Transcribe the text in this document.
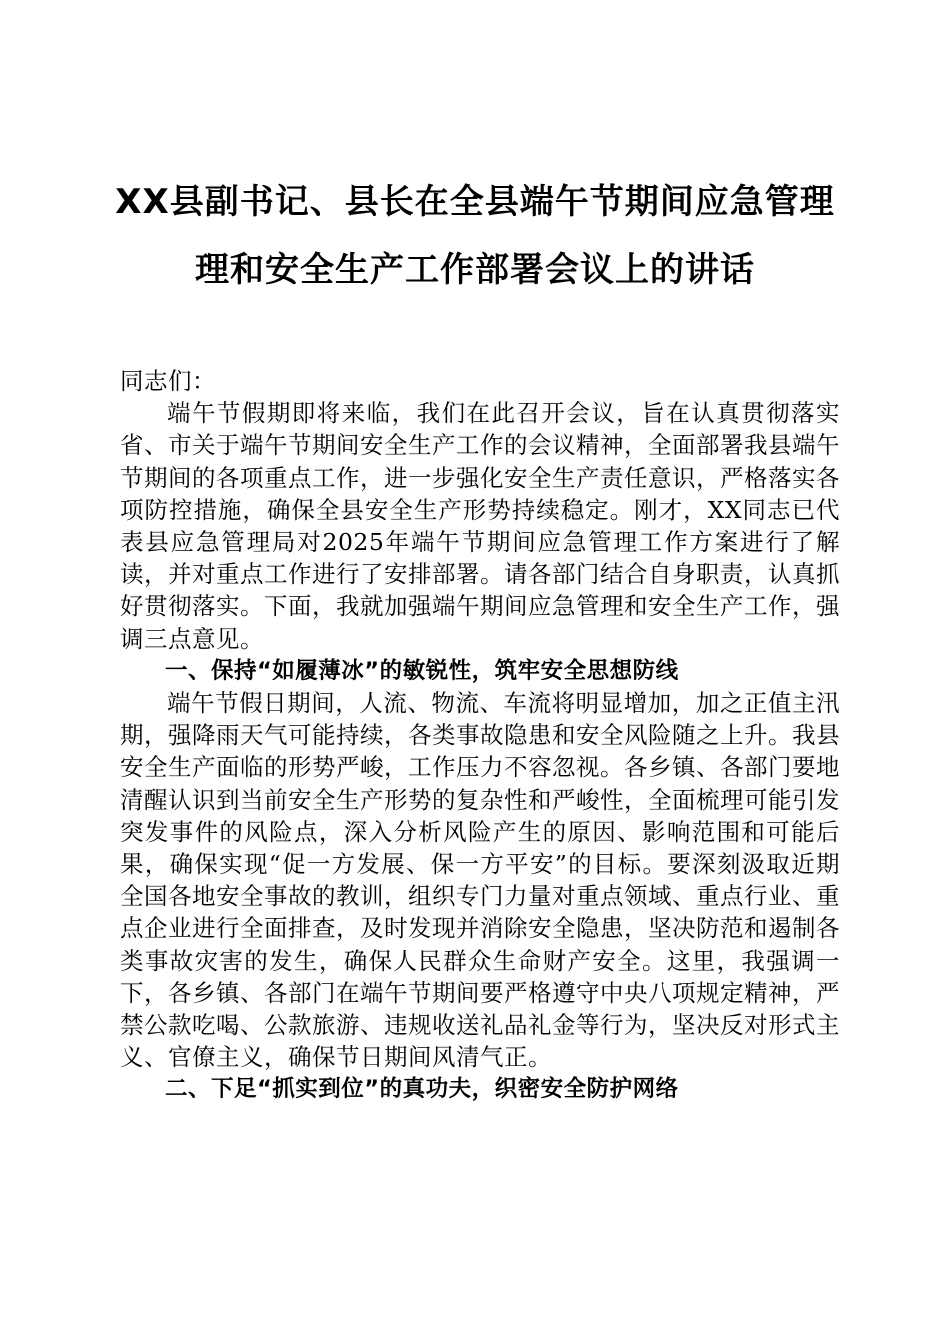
XX县副书记、县长在全县端午节期间应急管理
理和安全生产工作部署会议上的讲话

同志们：

端午节假期即将来临，我们在此召开会议，旨在认真贯彻落实省、市关于端午节期间安全生产工作的会议精神，全面部署我县端午节期间的各项重点工作，进一步强化安全生产责任意识，严格落实各项防控措施，确保全县安全生产形势持续稳定。刚才，XX同志已代表县应急管理局对2025年端午节期间应急管理工作方案进行了解读，并对重点工作进行了安排部署。请各部门结合自身职责，认真抓好贯彻落实。下面，我就加强端午期间应急管理和安全生产工作，强调三点意见。

一、保持“如履薄冰”的敏锐性，筑牢安全思想防线

端午节假日期间，人流、物流、车流将明显增加，加之正值主汛期，强降雨天气可能持续，各类事故隐患和安全风险随之上升。我县安全生产面临的形势严峻，工作压力不容忽视。各乡镇、各部门要地清醒认识到当前安全生产形势的复杂性和严峻性，全面梳理可能引发突发事件的风险点，深入分析风险产生的原因、影响范围和可能后果，确保实现“促一方发展、保一方平安”的目标。要深刻汲取近期全国各地安全事故的教训，组织专门力量对重点领域、重点行业、重点企业进行全面排查，及时发现并消除安全隐患，坚决防范和遏制各类事故灾害的发生，确保人民群众生命财产安全。这里，我强调一下，各乡镇、各部门在端午节期间要严格遵守中央八项规定精神，严禁公款吃喝、公款旅游、违规收送礼品礼金等行为，坚决反对形式主义、官僚主义，确保节日期间风清气正。

二、下足“抓实到位”的真功夫，织密安全防护网络
